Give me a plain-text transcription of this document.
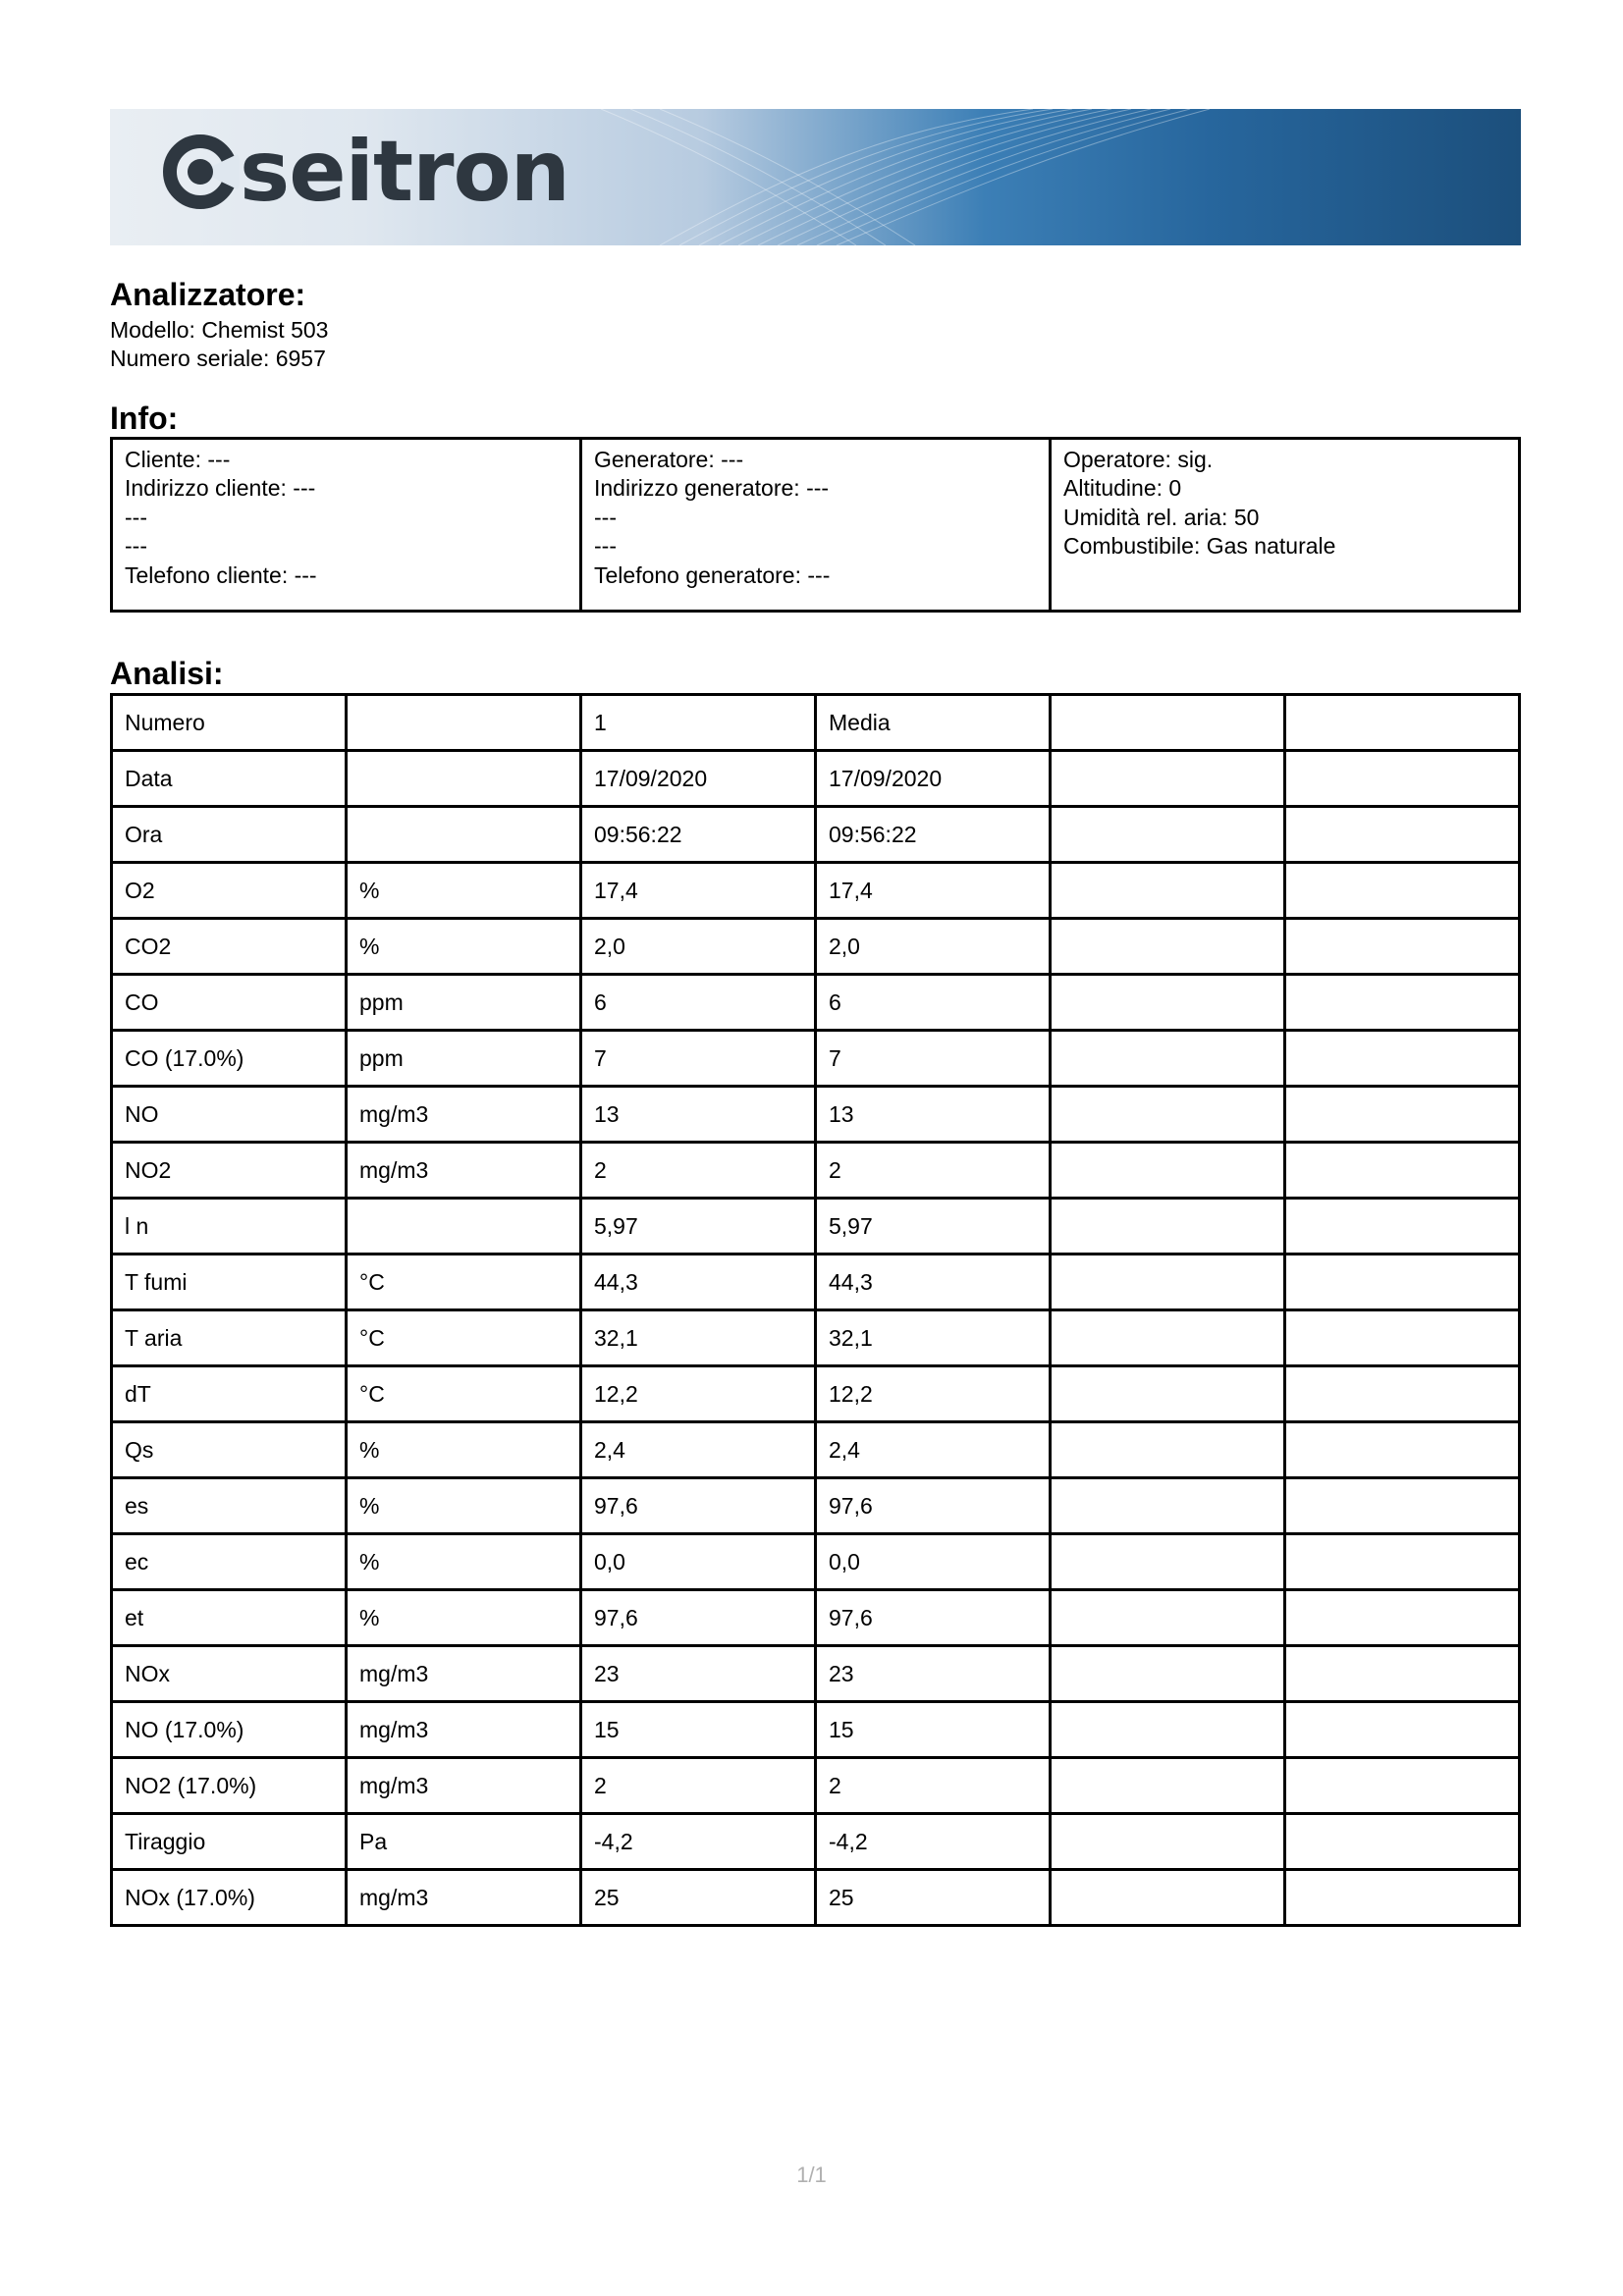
seitron
Analizzatore:
Modello: Chemist 503
Numero seriale: 6957
Info:
Cliente: ---
Indirizzo cliente: ---
---
---
Telefono cliente: ---

Generatore: ---
Indirizzo generatore: ---
---
---
Telefono generatore: ---

Operatore: sig.
Altitudine: 0
Umidità rel. aria: 50
Combustibile: Gas naturale
Analisi:
Numero		1	Media		
Data		17/09/2020	17/09/2020		
Ora		09:56:22	09:56:22		
O2	%	17,4	17,4		
CO2	%	2,0	2,0		
CO	ppm	6	6		
CO (17.0%)	ppm	7	7		
NO	mg/m3	13	13		
NO2	mg/m3	2	2		
l n		5,97	5,97		
T fumi	°C	44,3	44,3		
T aria	°C	32,1	32,1		
dT	°C	12,2	12,2		
Qs	%	2,4	2,4		
es	%	97,6	97,6		
ec	%	0,0	0,0		
et	%	97,6	97,6		
NOx	mg/m3	23	23		
NO (17.0%)	mg/m3	15	15		
NO2 (17.0%)	mg/m3	2	2		
Tiraggio	Pa	-4,2	-4,2		
NOx (17.0%)	mg/m3	25	25		
1/1
